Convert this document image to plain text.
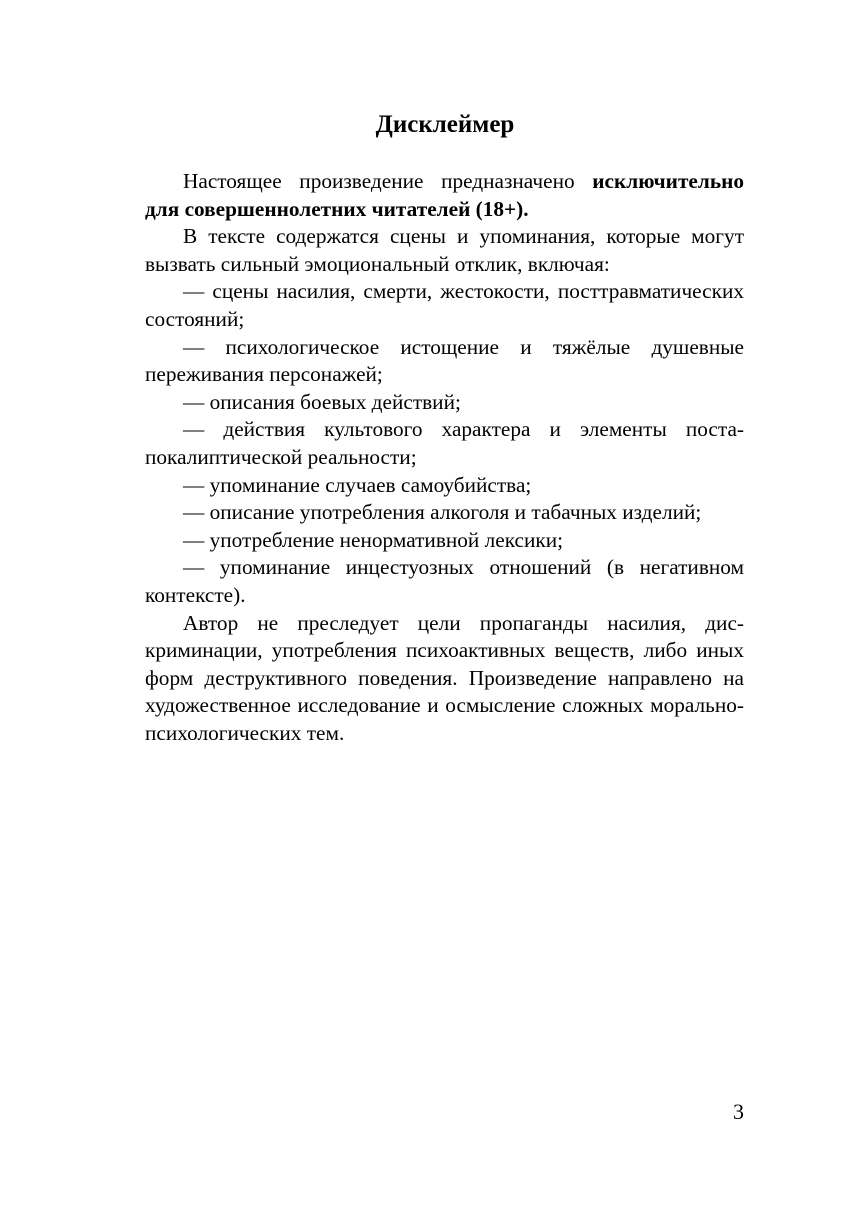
Дисклеймер

Настоящее произведение предназначено исключительно для совершеннолетних читателей (18+).

В тексте содержатся сцены и упоминания, которые могут вызвать сильный эмоциональный отклик, включая:

— сцены насилия, смерти, жестокости, посттравматических состояний;

— психологическое истощение и тяжёлые душевные переживания персонажей;

— описания боевых действий;

— действия культового характера и элементы постапокалиптической реальности;

— упоминание случаев самоубийства;

— описание употребления алкоголя и табачных изделий;

— употребление ненормативной лексики;

— упоминание инцестуозных отношений (в негативном контексте).

Автор не преследует цели пропаганды насилия, дискриминации, употребления психоактивных веществ, либо иных форм деструктивного поведения. Произведение направлено на художественное исследование и осмысление сложных морально-психологических тем.

3
